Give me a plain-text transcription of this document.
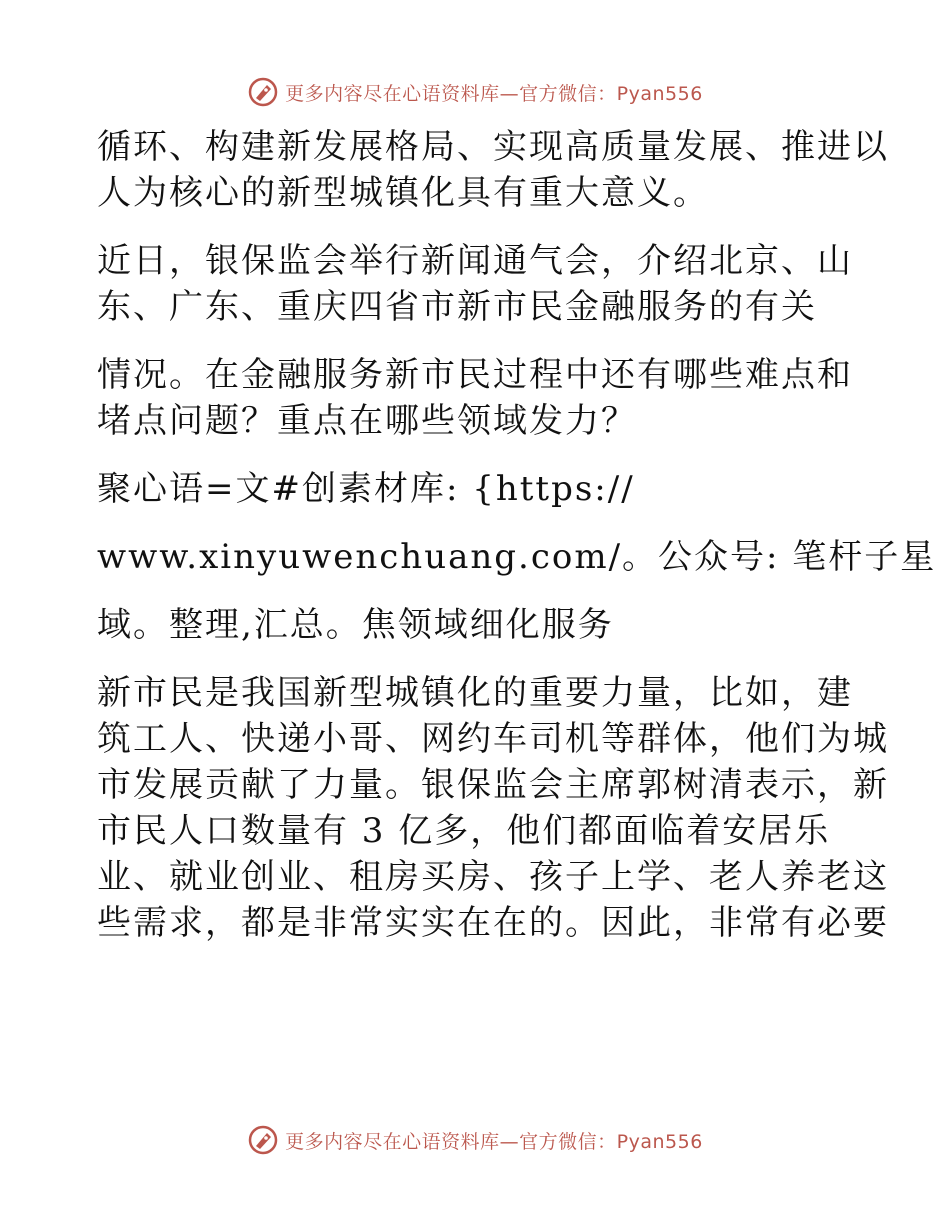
更多内容尽在心语资料库—官方微信：Pyan556
循环、构建新发展格局、实现高质量发展、推进以
人为核心的新型城镇化具有重大意义。
近日，银保监会举行新闻通气会，介绍北京、山
东、广东、重庆四省市新市民金融服务的有关
情况。在金融服务新市民过程中还有哪些难点和
堵点问题？重点在哪些领域发力？
聚心语=文#创素材库: {https://
www.xinyuwenchuang.com/。公众号: 笔杆子星
域。整理,汇总。焦领域细化服务
新市民是我国新型城镇化的重要力量，比如，建
筑工人、快递小哥、网约车司机等群体，他们为城
市发展贡献了力量。银保监会主席郭树清表示，新
市民人口数量有 3 亿多，他们都面临着安居乐
业、就业创业、租房买房、孩子上学、老人养老这
些需求，都是非常实实在在的。因此，非常有必要
更多内容尽在心语资料库—官方微信：Pyan556
